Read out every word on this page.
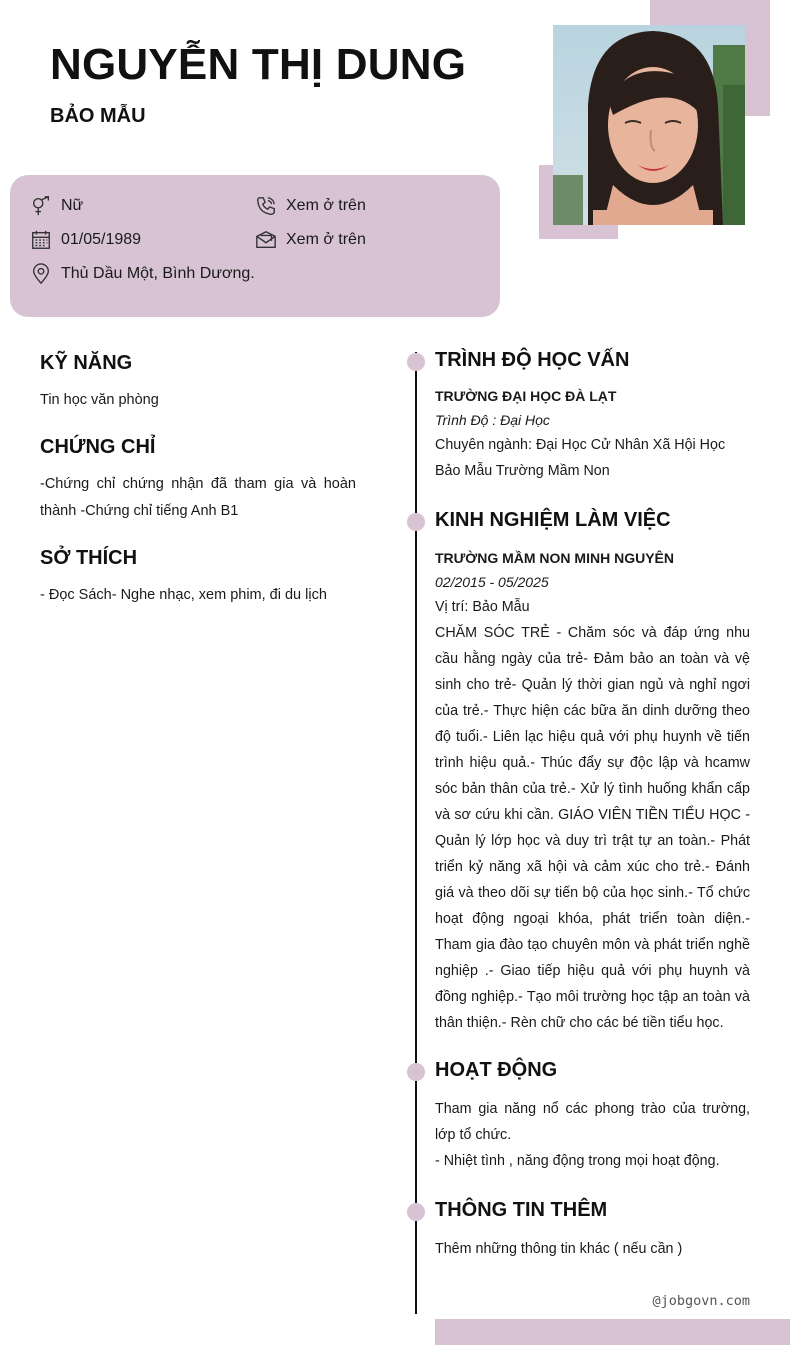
NGUYỄN THỊ DUNG
BẢO MẪU
Nữ	Xem ở trên
01/05/1989	Xem ở trên
Thủ Dầu Một, Bình Dương.
KỸ NĂNG
Tin học văn phòng
CHỨNG CHỈ
-Chứng chỉ chứng nhận đã tham gia và hoàn thành -Chứng chỉ tiếng Anh B1
SỞ THÍCH
- Đọc Sách- Nghe nhạc, xem phim, đi du lịch
TRÌNH ĐỘ HỌC VẤN
TRƯỜNG ĐẠI HỌC ĐÀ LẠT
Trình Độ : Đại Học
Chuyên ngành: Đại Học Cử Nhân Xã Hội Học
Bảo Mẫu Trường Mầm Non
KINH NGHIỆM LÀM VIỆC
TRƯỜNG MẦM NON MINH NGUYÊN
02/2015 - 05/2025
Vị trí: Bảo Mẫu
CHĂM SÓC TRẺ - Chăm sóc và đáp ứng nhu cầu hằng ngày của trẻ- Đảm bảo an toàn và vệ sinh cho trẻ- Quản lý thời gian ngủ và nghỉ ngơi của trẻ.- Thực hiện các bữa ăn dinh dưỡng theo độ tuổi.- Liên lạc hiệu quả với phụ huynh về tiến trình hiệu quả.- Thúc đẩy sự độc lập và hcamw sóc bản thân của trẻ.- Xử lý tình huống khẩn cấp và sơ cứu khi cần. GIÁO VIÊN TIỀN TIỂU HỌC - Quản lý lớp học và duy trì trật tự an toàn.- Phát triển kỷ năng xã hội và cảm xúc cho trẻ.- Đánh giá và theo dõi sự tiến bộ của học sinh.- Tổ chức hoạt động ngoại khóa, phát triển toàn diện.- Tham gia đào tạo chuyên môn và phát triển nghề nghiệp .- Giao tiếp hiệu quả với phụ huynh và đồng nghiệp.- Tạo môi trường học tập an toàn và thân thiện.- Rèn chữ cho các bé tiền tiểu học.
HOẠT ĐỘNG
Tham gia năng nổ các phong trào của trường, lớp tổ chức.
- Nhiệt tình , năng động trong mọi hoạt động.
THÔNG TIN THÊM
Thêm những thông tin khác ( nếu cần )
@jobgovn.com
